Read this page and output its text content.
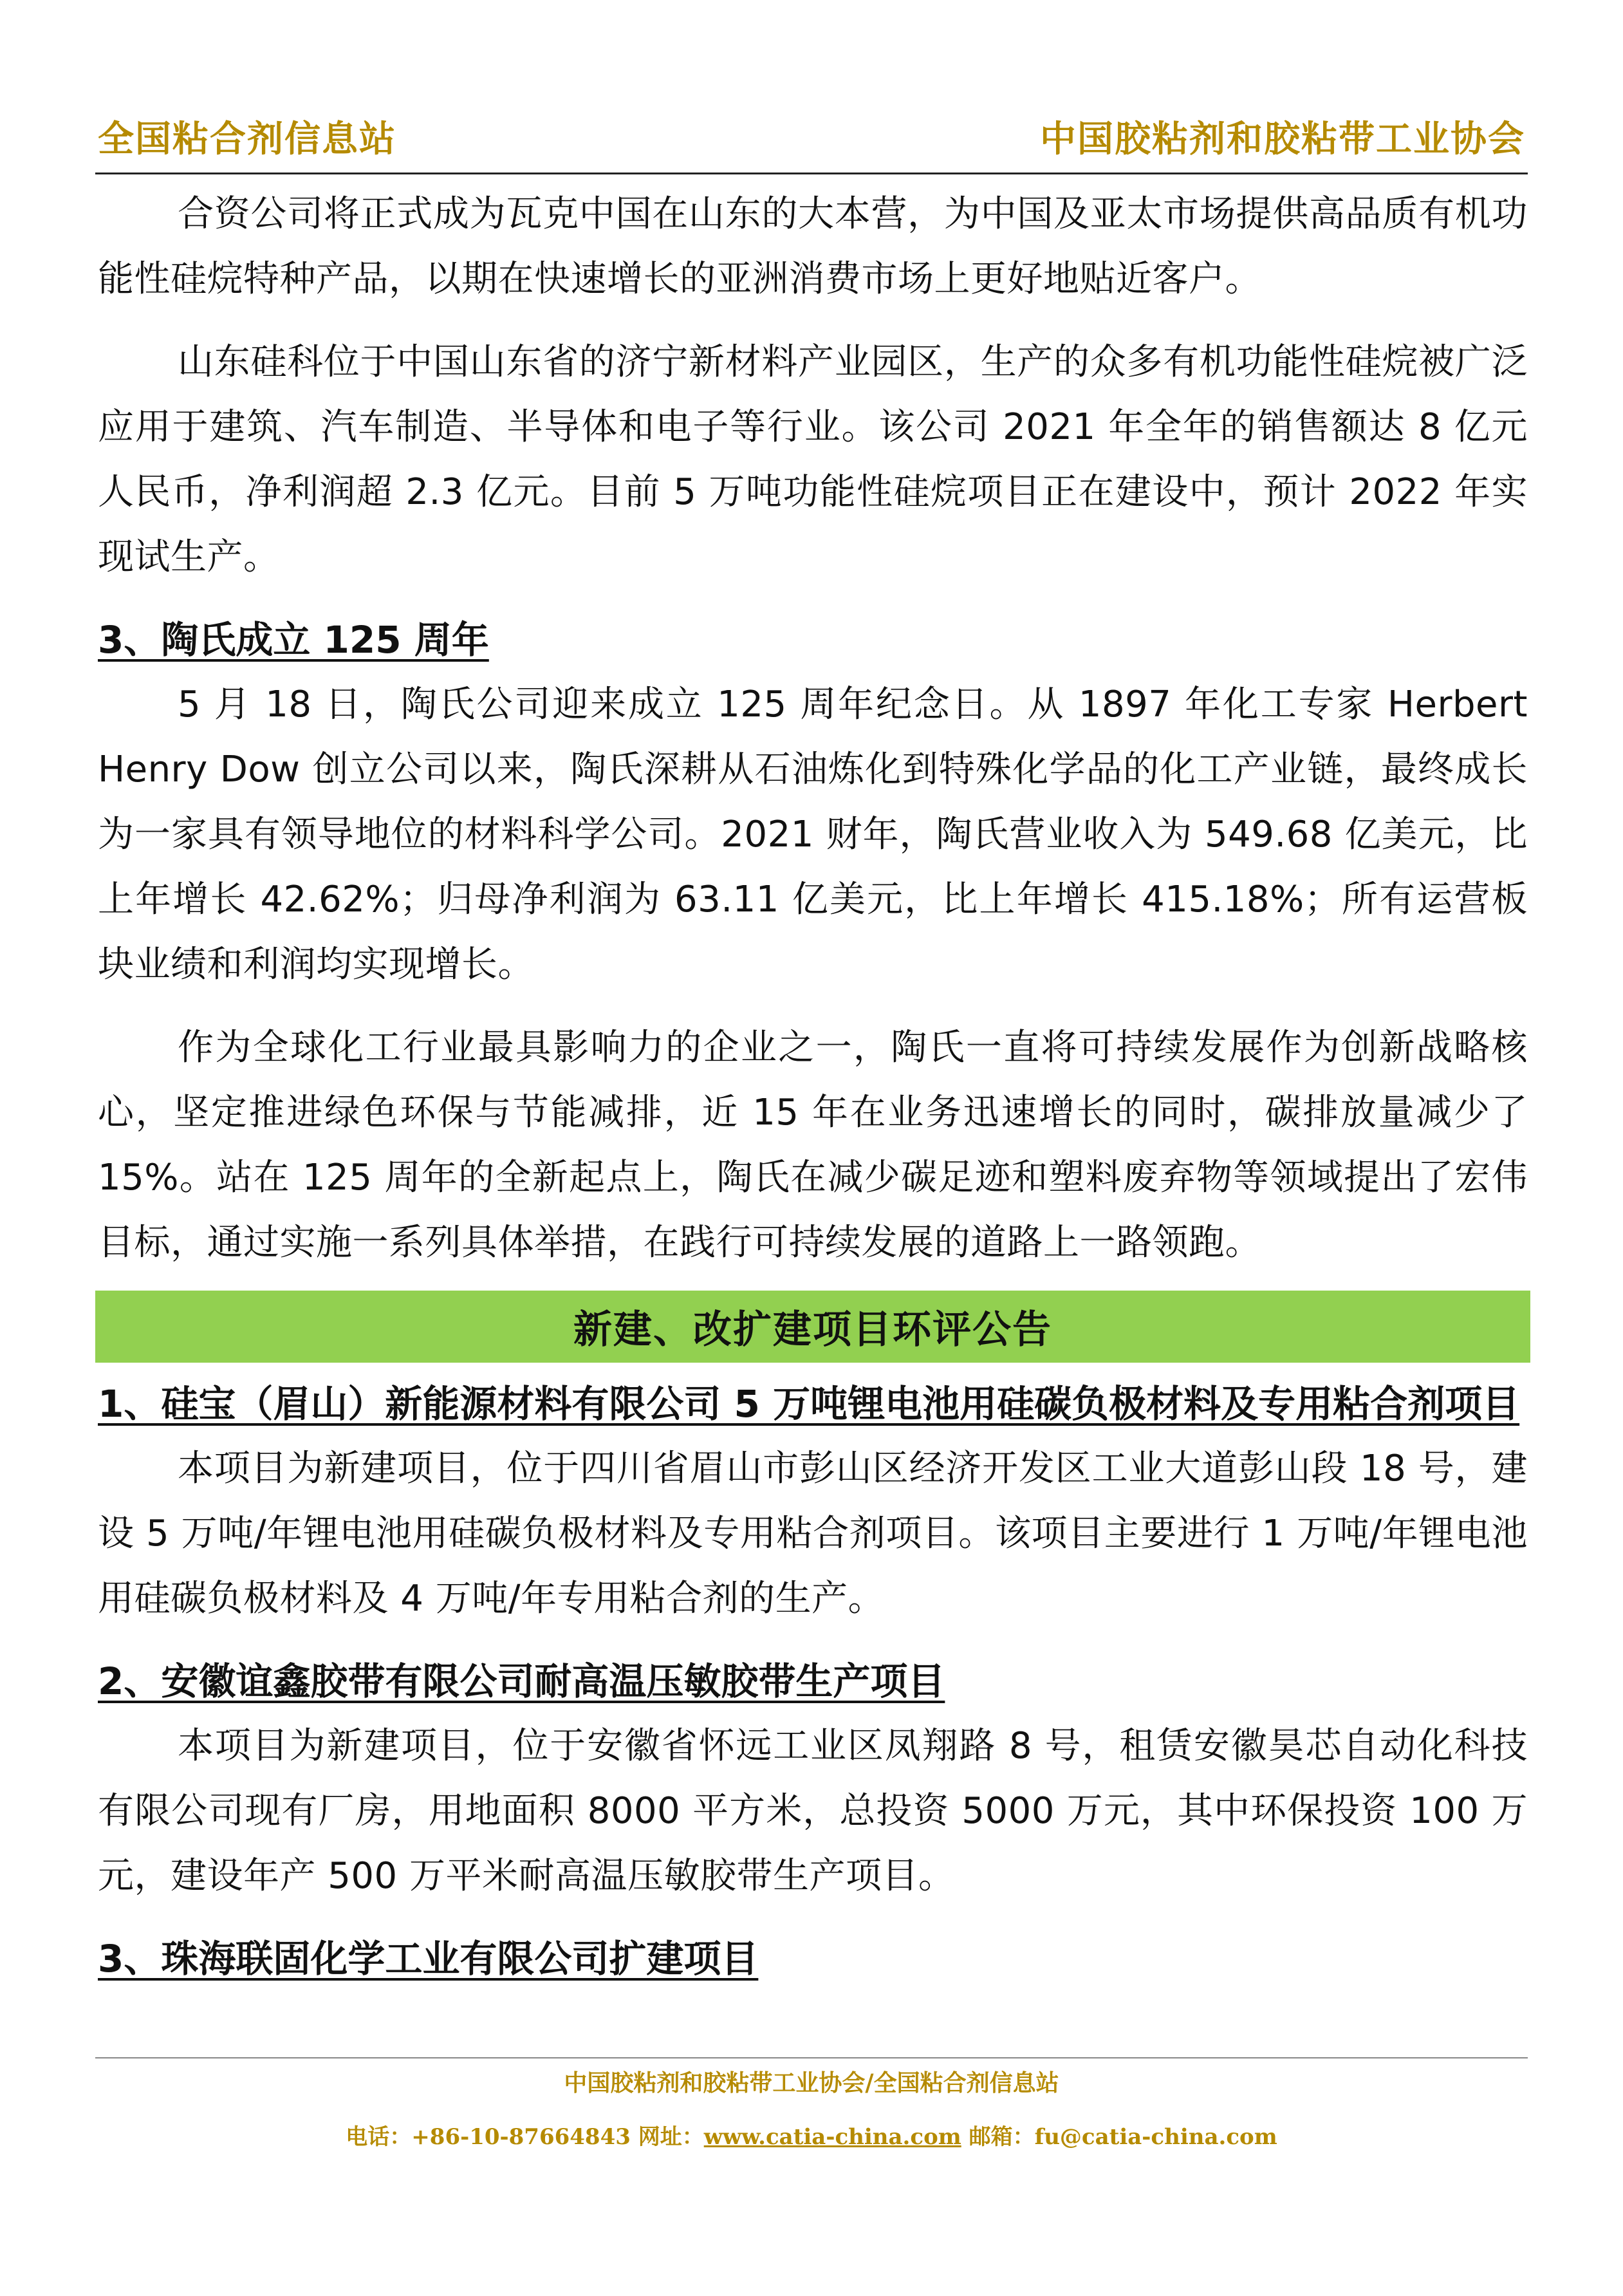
全国粘合剂信息站	中国胶粘剂和胶粘带工业协会

合资公司将正式成为瓦克中国在山东的大本营，为中国及亚太市场提供高品质有机功能性硅烷特种产品，以期在快速增长的亚洲消费市场上更好地贴近客户。

山东硅科位于中国山东省的济宁新材料产业园区，生产的众多有机功能性硅烷被广泛应用于建筑、汽车制造、半导体和电子等行业。该公司 2021 年全年的销售额达 8 亿元人民币，净利润超 2.3 亿元。目前 5 万吨功能性硅烷项目正在建设中，预计 2022 年实现试生产。

3、陶氏成立 125 周年

5 月 18 日，陶氏公司迎来成立 125 周年纪念日。从 1897 年化工专家 Herbert Henry Dow 创立公司以来，陶氏深耕从石油炼化到特殊化学品的化工产业链，最终成长为一家具有领导地位的材料科学公司。2021 财年，陶氏营业收入为 549.68 亿美元，比上年增长 42.62%；归母净利润为 63.11 亿美元，比上年增长 415.18%；所有运营板块业绩和利润均实现增长。

作为全球化工行业最具影响力的企业之一，陶氏一直将可持续发展作为创新战略核心，坚定推进绿色环保与节能减排，近 15 年在业务迅速增长的同时，碳排放量减少了 15%。站在 125 周年的全新起点上，陶氏在减少碳足迹和塑料废弃物等领域提出了宏伟目标，通过实施一系列具体举措，在践行可持续发展的道路上一路领跑。

新建、改扩建项目环评公告
1、硅宝（眉山）新能源材料有限公司 5 万吨锂电池用硅碳负极材料及专用粘合剂项目

本项目为新建项目，位于四川省眉山市彭山区经济开发区工业大道彭山段 18 号，建设 5 万吨/年锂电池用硅碳负极材料及专用粘合剂项目。该项目主要进行 1 万吨/年锂电池用硅碳负极材料及 4 万吨/年专用粘合剂的生产。

2、安徽谊鑫胶带有限公司耐高温压敏胶带生产项目

本项目为新建项目，位于安徽省怀远工业区凤翔路 8 号，租赁安徽昊芯自动化科技有限公司现有厂房，用地面积 8000 平方米，总投资 5000 万元，其中环保投资 100 万元，建设年产 500 万平米耐高温压敏胶带生产项目。

3、珠海联固化学工业有限公司扩建项目
中国胶粘剂和胶粘带工业协会/全国粘合剂信息站
电话：+86-10-87664843 网址：www.catia-china.com 邮箱：fu@catia-china.com
